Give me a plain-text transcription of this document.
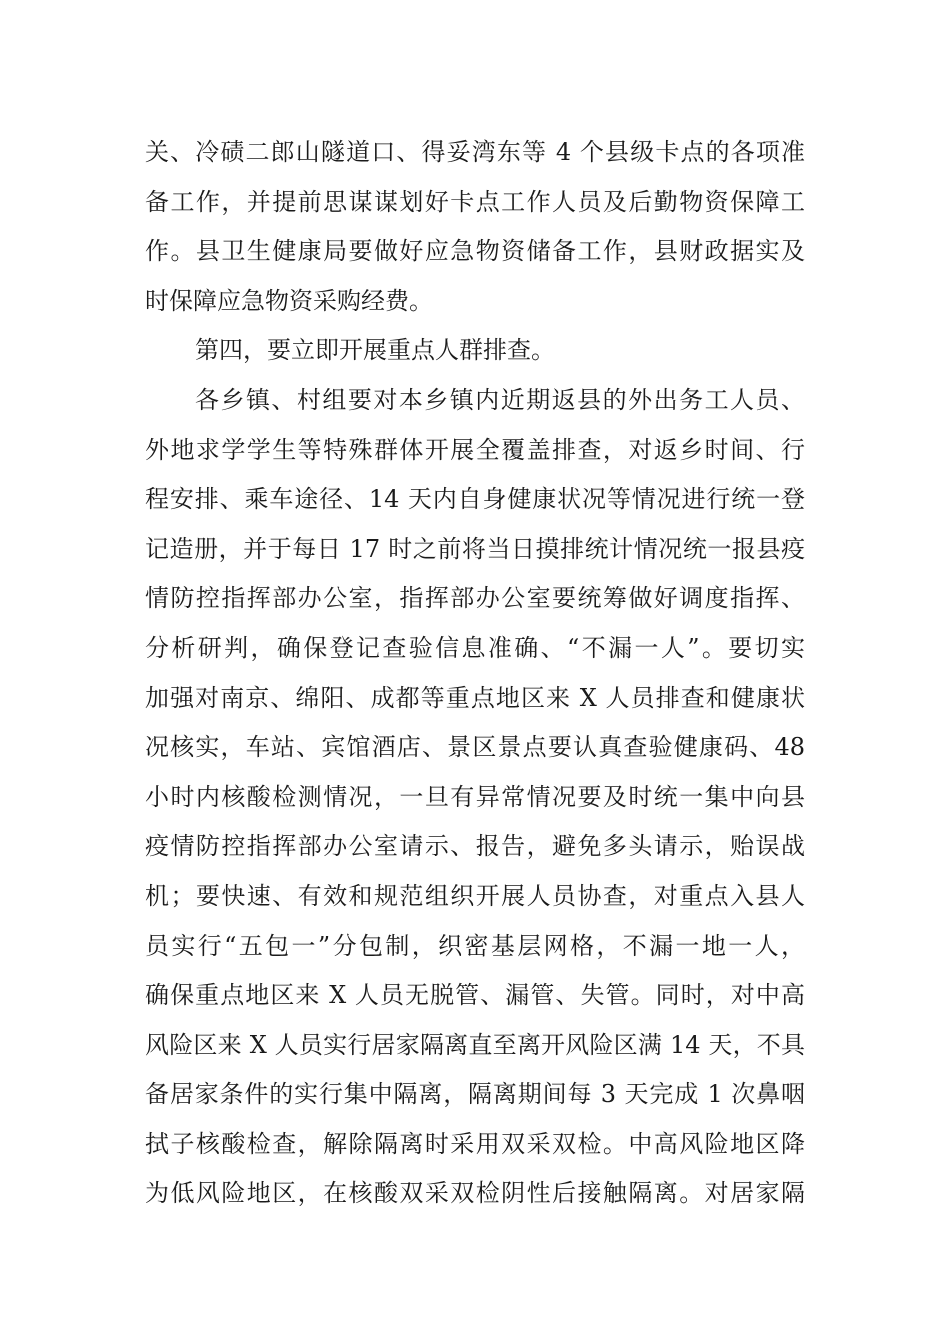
关、冷碛二郎山隧道口、得妥湾东等 4 个县级卡点的各项准
备工作，并提前思谋谋划好卡点工作人员及后勤物资保障工
作。县卫生健康局要做好应急物资储备工作，县财政据实及
时保障应急物资采购经费。
第四，要立即开展重点人群排查。
各乡镇、村组要对本乡镇内近期返县的外出务工人员、
外地求学学生等特殊群体开展全覆盖排查，对返乡时间、行
程安排、乘车途径、14 天内自身健康状况等情况进行统一登
记造册，并于每日 17 时之前将当日摸排统计情况统一报县疫
情防控指挥部办公室，指挥部办公室要统筹做好调度指挥、
分析研判，确保登记查验信息准确、“不漏一人”。要切实
加强对南京、绵阳、成都等重点地区来 X 人员排查和健康状
况核实，车站、宾馆酒店、景区景点要认真查验健康码、48
小时内核酸检测情况，一旦有异常情况要及时统一集中向县
疫情防控指挥部办公室请示、报告，避免多头请示，贻误战
机；要快速、有效和规范组织开展人员协查，对重点入县人
员实行“五包一”分包制，织密基层网格，不漏一地一人，
确保重点地区来 X 人员无脱管、漏管、失管。同时，对中高
风险区来 X 人员实行居家隔离直至离开风险区满 14 天，不具
备居家条件的实行集中隔离，隔离期间每 3 天完成 1 次鼻咽
拭子核酸检查，解除隔离时采用双采双检。中高风险地区降
为低风险地区，在核酸双采双检阴性后接触隔离。对居家隔
